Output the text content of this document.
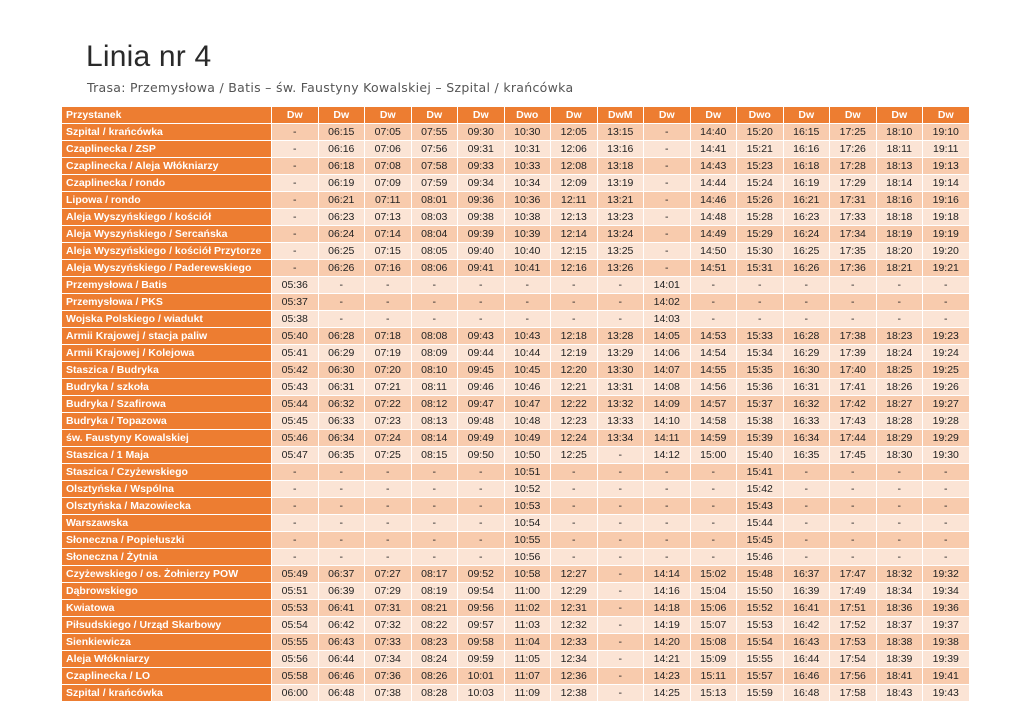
Linia nr 4
Trasa: Przemysłowa / Batis – św. Faustyny Kowalskiej – Szpital / krańcówka
Przystanek	Dw	Dw	Dw	Dw	Dw	Dwo	Dw	DwM	Dw	Dw	Dwo	Dw	Dw	Dw	Dw
Szpital / krańcówka	-	06:15	07:05	07:55	09:30	10:30	12:05	13:15	-	14:40	15:20	16:15	17:25	18:10	19:10
Czaplinecka / ZSP	-	06:16	07:06	07:56	09:31	10:31	12:06	13:16	-	14:41	15:21	16:16	17:26	18:11	19:11
Czaplinecka / Aleja Włókniarzy	-	06:18	07:08	07:58	09:33	10:33	12:08	13:18	-	14:43	15:23	16:18	17:28	18:13	19:13
Czaplinecka / rondo	-	06:19	07:09	07:59	09:34	10:34	12:09	13:19	-	14:44	15:24	16:19	17:29	18:14	19:14
Lipowa / rondo	-	06:21	07:11	08:01	09:36	10:36	12:11	13:21	-	14:46	15:26	16:21	17:31	18:16	19:16
Aleja Wyszyńskiego / kościół	-	06:23	07:13	08:03	09:38	10:38	12:13	13:23	-	14:48	15:28	16:23	17:33	18:18	19:18
Aleja Wyszyńskiego / Sercańska	-	06:24	07:14	08:04	09:39	10:39	12:14	13:24	-	14:49	15:29	16:24	17:34	18:19	19:19
Aleja Wyszyńskiego / kościół Przytorze	-	06:25	07:15	08:05	09:40	10:40	12:15	13:25	-	14:50	15:30	16:25	17:35	18:20	19:20
Aleja Wyszyńskiego / Paderewskiego	-	06:26	07:16	08:06	09:41	10:41	12:16	13:26	-	14:51	15:31	16:26	17:36	18:21	19:21
Przemysłowa / Batis	05:36	-	-	-	-	-	-	-	14:01	-	-	-	-	-	-
Przemysłowa / PKS	05:37	-	-	-	-	-	-	-	14:02	-	-	-	-	-	-
Wojska Polskiego / wiadukt	05:38	-	-	-	-	-	-	-	14:03	-	-	-	-	-	-
Armii Krajowej / stacja paliw	05:40	06:28	07:18	08:08	09:43	10:43	12:18	13:28	14:05	14:53	15:33	16:28	17:38	18:23	19:23
Armii Krajowej / Kolejowa	05:41	06:29	07:19	08:09	09:44	10:44	12:19	13:29	14:06	14:54	15:34	16:29	17:39	18:24	19:24
Staszica / Budryka	05:42	06:30	07:20	08:10	09:45	10:45	12:20	13:30	14:07	14:55	15:35	16:30	17:40	18:25	19:25
Budryka / szkoła	05:43	06:31	07:21	08:11	09:46	10:46	12:21	13:31	14:08	14:56	15:36	16:31	17:41	18:26	19:26
Budryka / Szafirowa	05:44	06:32	07:22	08:12	09:47	10:47	12:22	13:32	14:09	14:57	15:37	16:32	17:42	18:27	19:27
Budryka / Topazowa	05:45	06:33	07:23	08:13	09:48	10:48	12:23	13:33	14:10	14:58	15:38	16:33	17:43	18:28	19:28
św. Faustyny Kowalskiej	05:46	06:34	07:24	08:14	09:49	10:49	12:24	13:34	14:11	14:59	15:39	16:34	17:44	18:29	19:29
Staszica / 1 Maja	05:47	06:35	07:25	08:15	09:50	10:50	12:25	-	14:12	15:00	15:40	16:35	17:45	18:30	19:30
Staszica / Czyżewskiego	-	-	-	-	-	10:51	-	-	-	-	15:41	-	-	-	-
Olsztyńska / Wspólna	-	-	-	-	-	10:52	-	-	-	-	15:42	-	-	-	-
Olsztyńska / Mazowiecka	-	-	-	-	-	10:53	-	-	-	-	15:43	-	-	-	-
Warszawska	-	-	-	-	-	10:54	-	-	-	-	15:44	-	-	-	-
Słoneczna / Popiełuszki	-	-	-	-	-	10:55	-	-	-	-	15:45	-	-	-	-
Słoneczna / Żytnia	-	-	-	-	-	10:56	-	-	-	-	15:46	-	-	-	-
Czyżewskiego / os. Żołnierzy POW	05:49	06:37	07:27	08:17	09:52	10:58	12:27	-	14:14	15:02	15:48	16:37	17:47	18:32	19:32
Dąbrowskiego	05:51	06:39	07:29	08:19	09:54	11:00	12:29	-	14:16	15:04	15:50	16:39	17:49	18:34	19:34
Kwiatowa	05:53	06:41	07:31	08:21	09:56	11:02	12:31	-	14:18	15:06	15:52	16:41	17:51	18:36	19:36
Piłsudskiego / Urząd Skarbowy	05:54	06:42	07:32	08:22	09:57	11:03	12:32	-	14:19	15:07	15:53	16:42	17:52	18:37	19:37
Sienkiewicza	05:55	06:43	07:33	08:23	09:58	11:04	12:33	-	14:20	15:08	15:54	16:43	17:53	18:38	19:38
Aleja Włókniarzy	05:56	06:44	07:34	08:24	09:59	11:05	12:34	-	14:21	15:09	15:55	16:44	17:54	18:39	19:39
Czaplinecka / LO	05:58	06:46	07:36	08:26	10:01	11:07	12:36	-	14:23	15:11	15:57	16:46	17:56	18:41	19:41
Szpital / krańcówka	06:00	06:48	07:38	08:28	10:03	11:09	12:38	-	14:25	15:13	15:59	16:48	17:58	18:43	19:43
